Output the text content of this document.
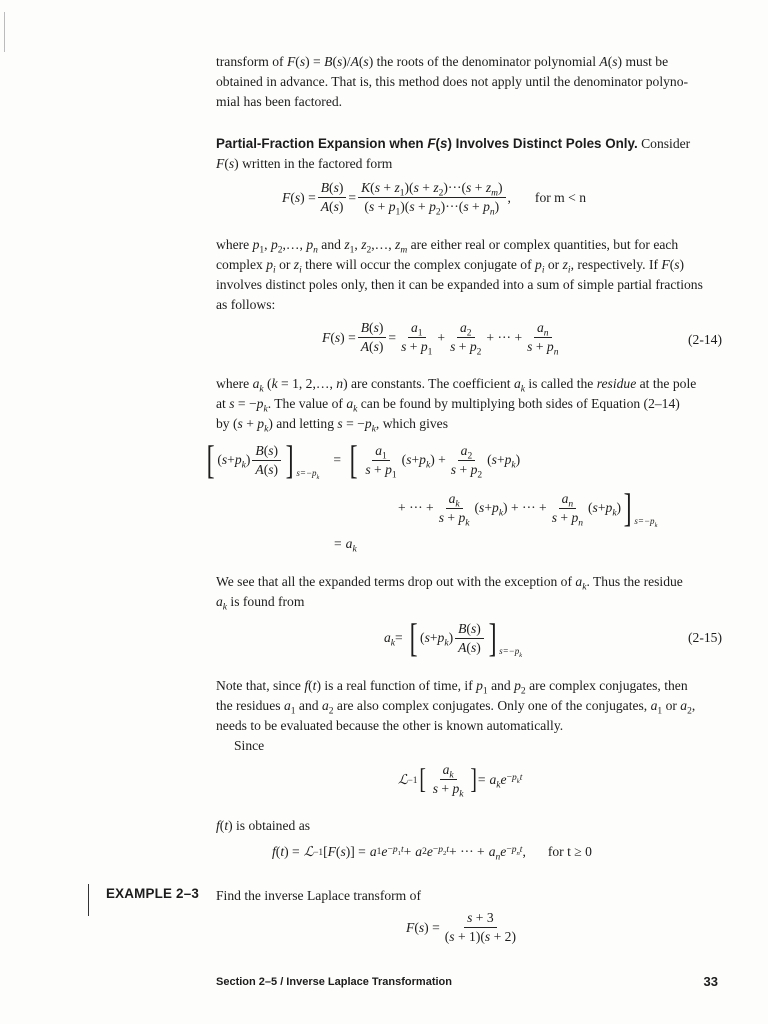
transform of F(s) = B(s)/A(s) the roots of the denominator polynomial A(s) must be
obtained in advance. That is, this method does not apply until the denominator polyno-
mial has been factored.
Partial-Fraction Expansion when F(s) Involves Distinct Poles Only. Consider
F(s) written in the factored form
F ( s ) = $\frac{B(s)}{A(s)} = \frac{K(s + z_1)(s + z_2)\cdot\cdot\cdot(s + z_m)}{(s + p_1)(s + p_2)\cdot\cdot\cdot(s + p_n)}$ , for m < n
where $p_1$, $p_2,\dots$, $p_n$ and $z_1$, $z_2,\dots$, $z_m$ are either real or complex quantities, but for each
complex $p_i$ or $z_i$ there will occur the complex conjugate of $p_i$ or $z_i$, respectively. If F(s)
involves distinct poles only, then it can be expanded into a sum of simple partial fractions
as follows:
F ( s ) = $\frac{B(s)}{A(s)} = \frac{a_1}{s + p_1} + \frac{a_2}{s + p_2}$ + ··· + $\frac{a_n}{s + p_n}$	(2-14)
where $a_k$ (k = 1, 2,…, n) are constants. The coefficient $a_k$ is called the residue at the pole
at $s = -p_k$. The value of $a_k$ can be found by multiplying both sides of Equation (2–14)
by $(s + p_k)$ and letting $s = -p_k$, which gives
[ ( $s + p_k$ ) $\frac{B(s)}{A(s)}$ ] $s=-p_k$
= [ $\frac{a_1}{s + p_1}$ ( $s + p_k$ ) + $\frac{a_2}{s + p_2}$ ( $s + p_k$ )
+ ··· + $\frac{a_k}{s + p_k}$ ( $s + p_k$ ) + ··· + $\frac{a_n}{s + p_n}$ ( $s + p_k$ ) ] $s=-p_k$
= $a_k$
We see that all the expanded terms drop out with the exception of $a_k$. Thus the residue
$a_k$ is found from
$a_k$ = [ ( $s + p_k$ ) $\frac{B(s)}{A(s)}$ ] $s=-p_k$
(2-15)
Note that, since f(t) is a real function of time, if $p_1$ and $p_2$ are complex conjugates, then
the residues $a_1$ and $a_2$ are also complex conjugates. Only one of the conjugates, $a_1$ or $a_2$,
needs to be evaluated because the other is known automatically.
Since
ℒ −1 [ $\frac{a_k}{s + p_k}$ ] = $a_ke -p_kt$
f(t) is obtained as
f ( t ) = ℒ −1 [ F ( s )] = a 1 $e -p_1t + a$ 2 $e -p_2t$ + ··· + $a_ne -p_nt$ , for t ≥ 0
EXAMPLE 2–3 Find the inverse Laplace transform of
F ( s ) = $\frac{s + 3}{(s + 1)(s + 2)}$
Section 2–5 / Inverse Laplace Transformation	33
